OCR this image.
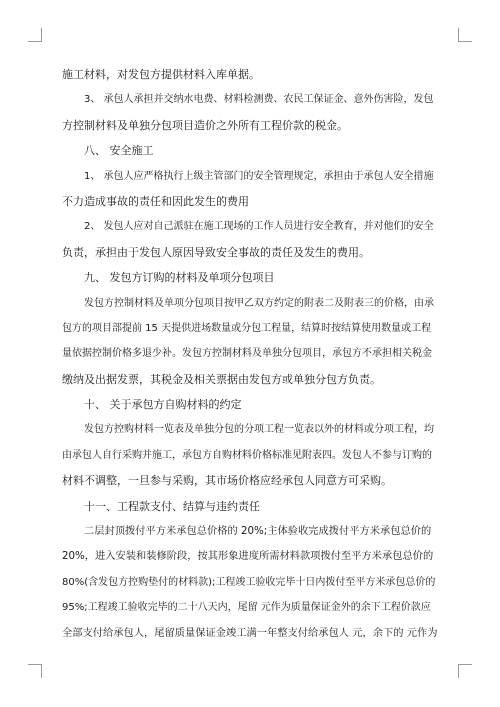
施工材料，对发包方提供材料入库单据。
3、 承包人承担并交纳水电费、材料检测费、农民工保证金、意外伤害险，发包
方控制材料及单独分包项目造价之外所有工程价款的税金。
八、 安全施工
1、 承包人应严格执行上级主管部门的安全管理规定，承担由于承包人安全措施
不力造成事故的责任和因此发生的费用
2、 发包人应对自己派驻在施工现场的工作人员进行安全教育，并对他们的安全
负责，承担由于发包人原因导致安全事故的责任及发生的费用。
九、 发包方订购的材料及单项分包项目
发包方控制材料及单项分包项目按甲乙双方约定的附表二及附表三的价格，由承
包方的项目部提前 15 天提供进场数量或分包工程量，结算时按结算使用数量或工程
量依据控制价格多退少补。发包方控制材料及单独分包项目，承包方不承担相关税金
缴纳及出据发票，其税金及相关票据由发包方或单独分包方负责。
十、 关于承包方自购材料的约定
发包方控购材料一览表及单独分包的分项工程一览表以外的材料或分项工程，均
由承包人自行采购并施工，承包方自购材料价格标准见附表四。发包人不参与订购的
材料不调整，一旦参与采购，其市场价格应经承包人同意方可采购。
十一、工程款支付、结算与违约责任
二层封顶拨付平方米承包总价格的 20%;主体验收完成拨付平方米承包总价的
20%，进入安装和装修阶段，按其形象进度所需材料款项拨付至平方米承包总价的
80%(含发包方控购垫付的材料款);工程竣工验收完毕十日内拨付至平方米承包总价的
95%;工程竣工验收完毕的二十八天内，尾留 元作为质量保证金外的余下工程价款应
全部支付给承包人，尾留质量保证金竣工满一年整支付给承包人 元，余下的 元作为
